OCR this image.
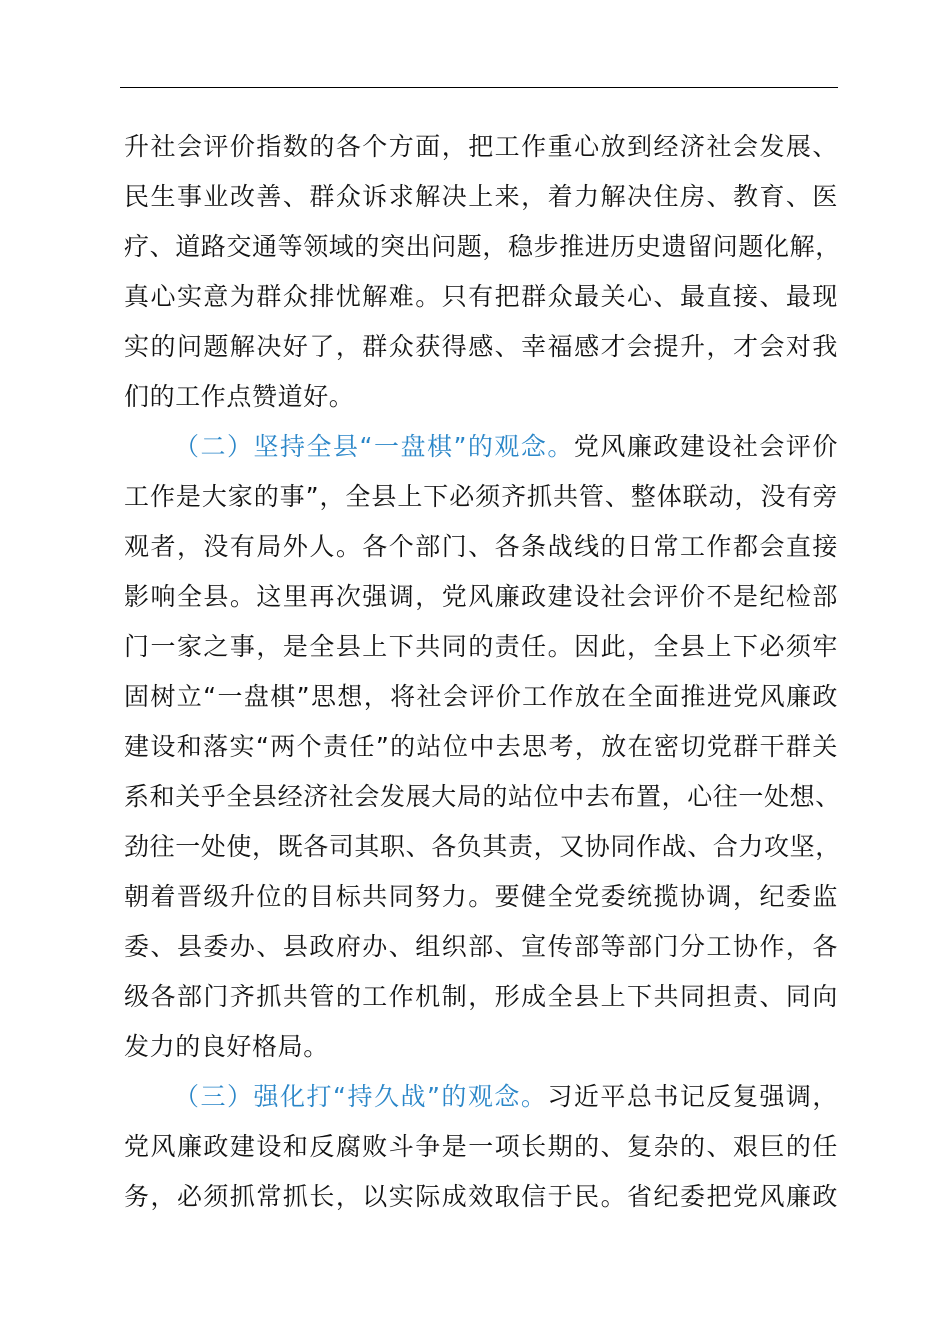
升社会评价指数的各个方面，把工作重心放到经济社会发展、
民生事业改善、群众诉求解决上来，着力解决住房、教育、医
疗、道路交通等领域的突出问题，稳步推进历史遗留问题化解，
真心实意为群众排忧解难。只有把群众最关心、最直接、最现
实的问题解决好了，群众获得感、幸福感才会提升，才会对我
们的工作点赞道好。
（二）坚持全县“一盘棋”的观念。党风廉政建设社会评价
工作是大家的事”，全县上下必须齐抓共管、整体联动，没有旁
观者，没有局外人。各个部门、各条战线的日常工作都会直接
影响全县。这里再次强调，党风廉政建设社会评价不是纪检部
门一家之事，是全县上下共同的责任。因此，全县上下必须牢
固树立“一盘棋”思想，将社会评价工作放在全面推进党风廉政
建设和落实“两个责任”的站位中去思考，放在密切党群干群关
系和关乎全县经济社会发展大局的站位中去布置，心往一处想、
劲往一处使，既各司其职、各负其责，又协同作战、合力攻坚，
朝着晋级升位的目标共同努力。要健全党委统揽协调，纪委监
委、县委办、县政府办、组织部、宣传部等部门分工协作，各
级各部门齐抓共管的工作机制，形成全县上下共同担责、同向
发力的良好格局。
（三）强化打“持久战”的观念。习近平总书记反复强调，
党风廉政建设和反腐败斗争是一项长期的、复杂的、艰巨的任
务，必须抓常抓长，以实际成效取信于民。省纪委把党风廉政
